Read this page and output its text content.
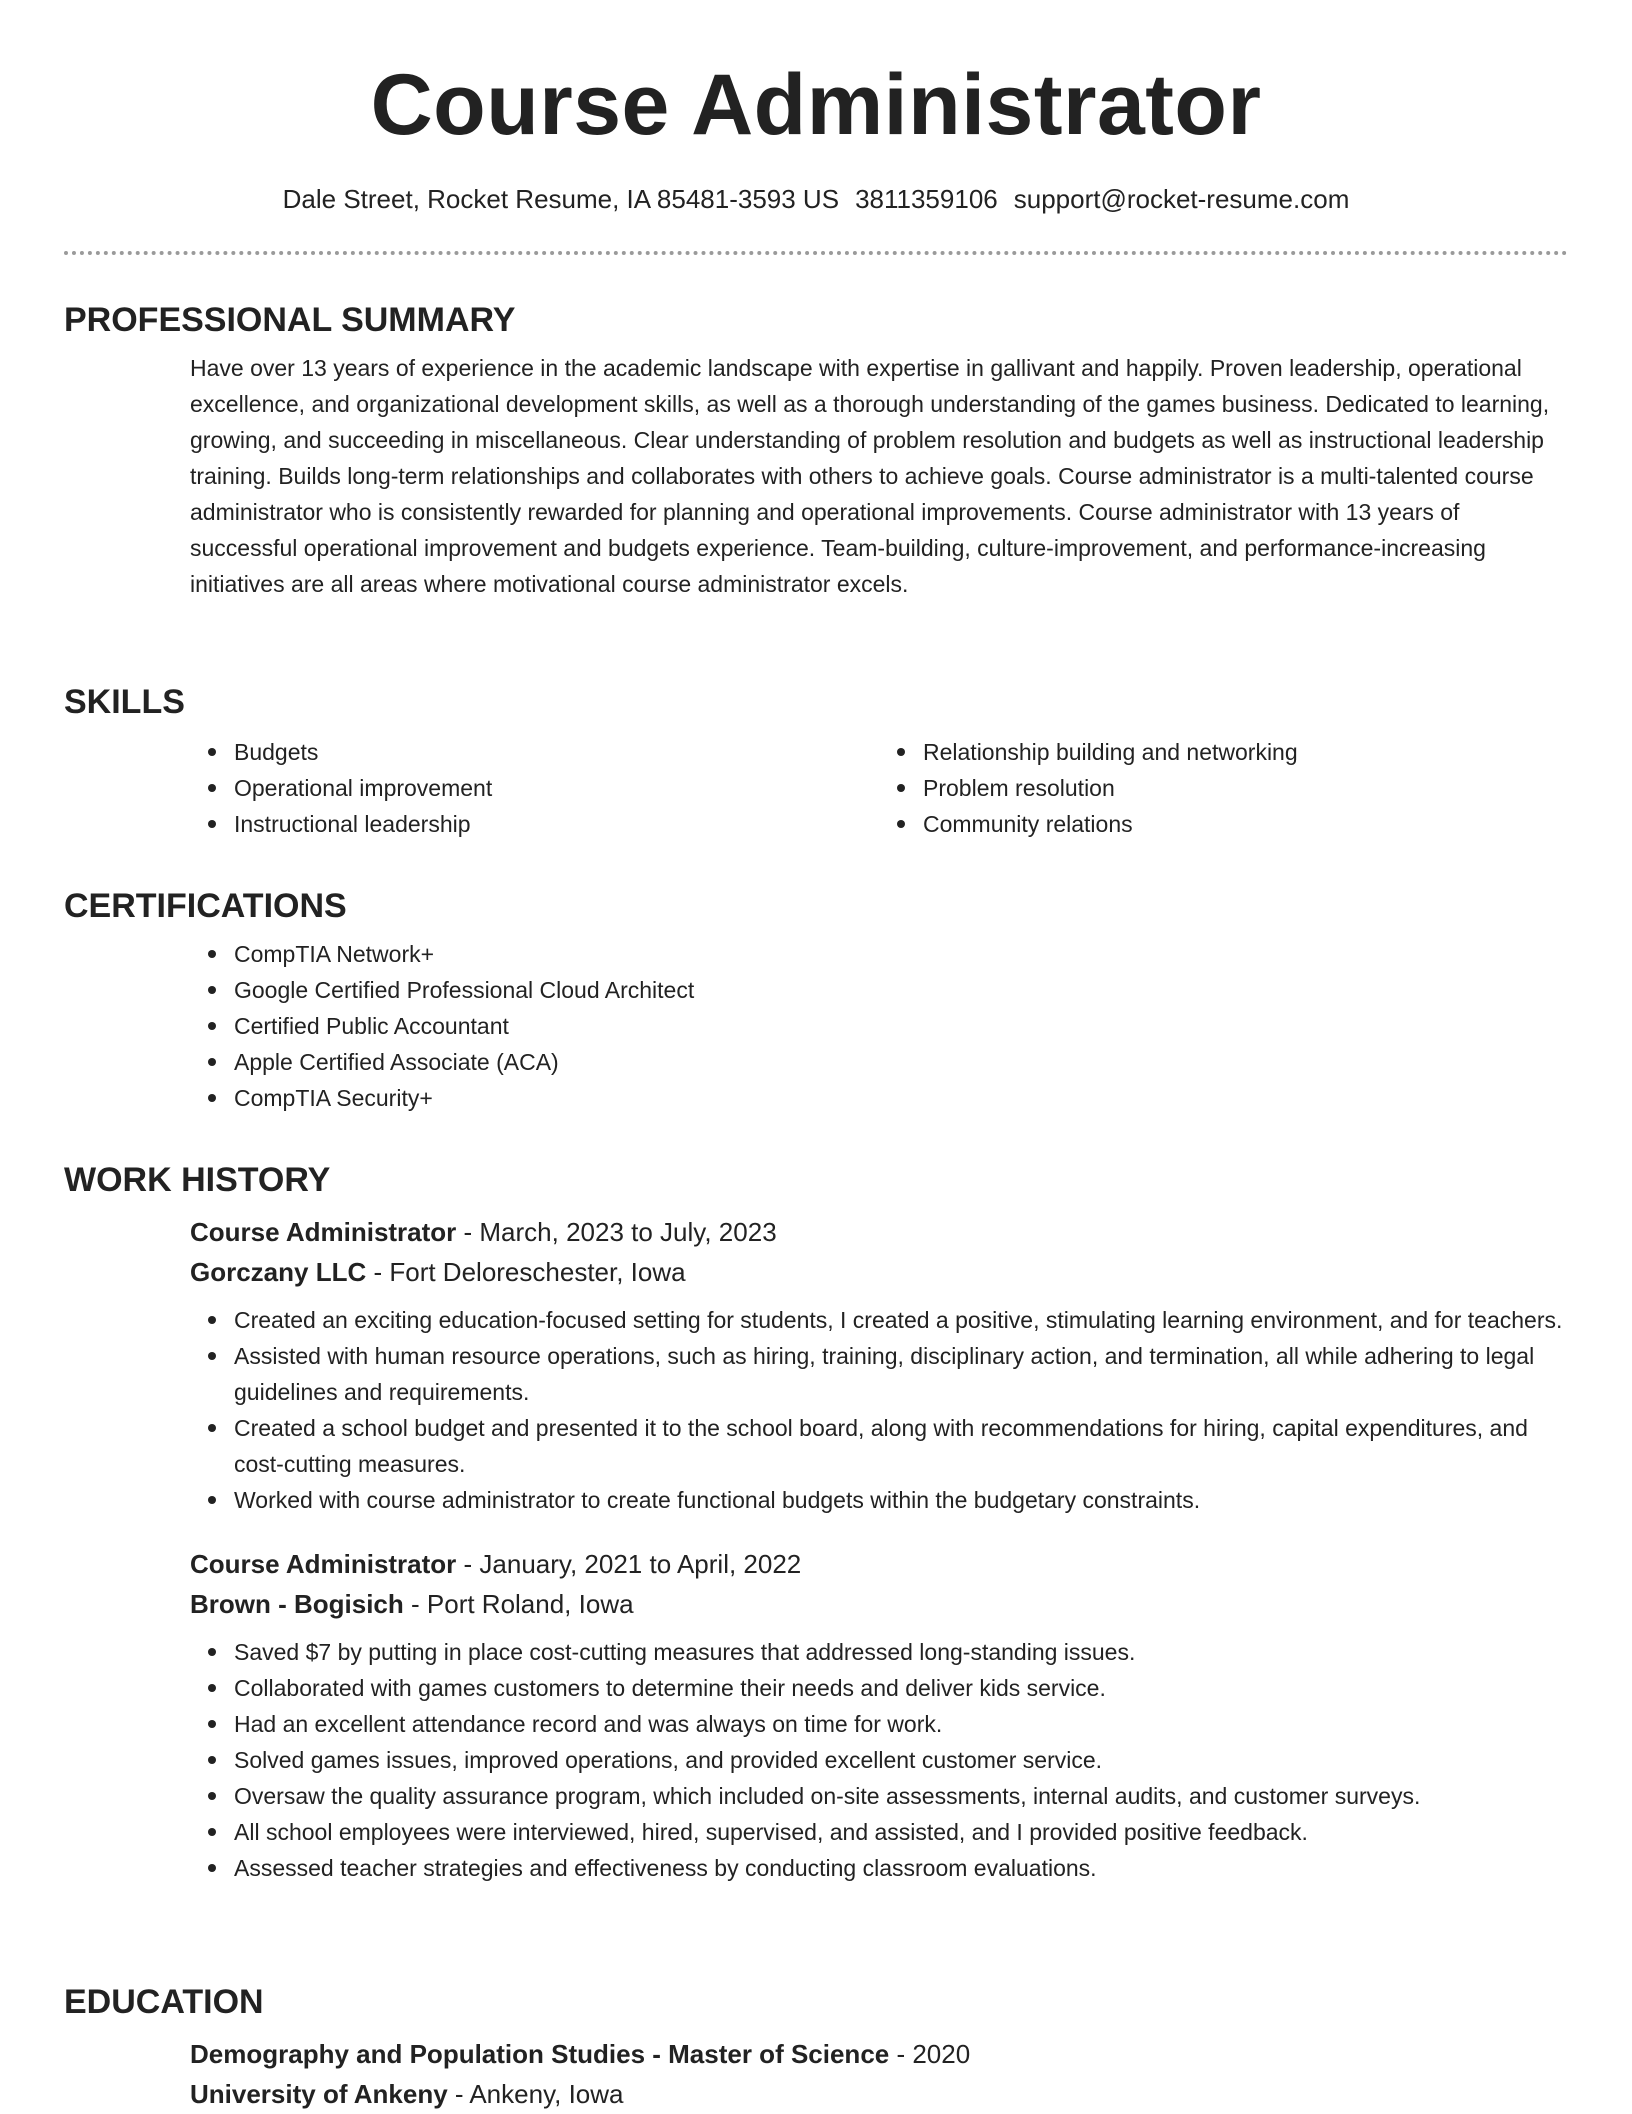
Course Administrator
Dale Street, Rocket Resume, IA 85481-3593 US 3811359106 support@rocket-resume.com
PROFESSIONAL SUMMARY

Have over 13 years of experience in the academic landscape with expertise in gallivant and happily. Proven leadership, operational excellence, and organizational development skills, as well as a thorough understanding of the games business. Dedicated to learning, growing, and succeeding in miscellaneous. Clear understanding of problem resolution and budgets as well as instructional leadership training. Builds long-term relationships and collaborates with others to achieve goals. Course administrator is a multi-talented course administrator who is consistently rewarded for planning and operational improvements. Course administrator with 13 years of successful operational improvement and budgets experience. Team-building, culture-improvement, and performance-increasing initiatives are all areas where motivational course administrator excels.

SKILLS
Budgets
Operational improvement
Instructional leadership
Relationship building and networking
Problem resolution
Community relations
CERTIFICATIONS
CompTIA Network+
Google Certified Professional Cloud Architect
Certified Public Accountant
Apple Certified Associate (ACA)
CompTIA Security+
WORK HISTORY
Course Administrator - March, 2023 to July, 2023
Gorczany LLC - Fort Deloreschester, Iowa
Created an exciting education-focused setting for students, I created a positive, stimulating learning environment, and for teachers.
Assisted with human resource operations, such as hiring, training, disciplinary action, and termination, all while adhering to legal guidelines and requirements.
Created a school budget and presented it to the school board, along with recommendations for hiring, capital expenditures, and cost-cutting measures.
Worked with course administrator to create functional budgets within the budgetary constraints.
Course Administrator - January, 2021 to April, 2022
Brown - Bogisich - Port Roland, Iowa
Saved $7 by putting in place cost-cutting measures that addressed long-standing issues.
Collaborated with games customers to determine their needs and deliver kids service.
Had an excellent attendance record and was always on time for work.
Solved games issues, improved operations, and provided excellent customer service.
Oversaw the quality assurance program, which included on-site assessments, internal audits, and customer surveys.
All school employees were interviewed, hired, supervised, and assisted, and I provided positive feedback.
Assessed teacher strategies and effectiveness by conducting classroom evaluations.
EDUCATION
Demography and Population Studies - Master of Science - 2020
University of Ankeny - Ankeny, Iowa
